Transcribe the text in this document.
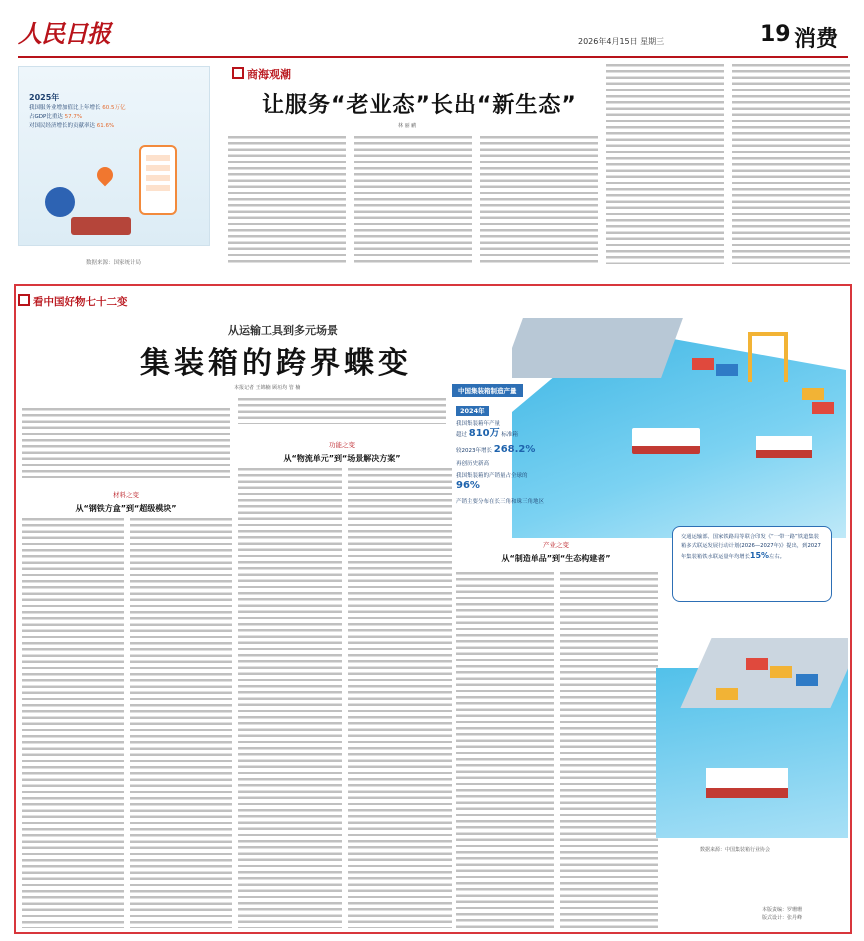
人民日报	2026年4月15日 星期三	19 消费
2025年
我国服务业增加值比上年增长 60.5万亿
占GDP比重达 57.7%
对国民经济增长的贡献率达 61.6%
数据来源：国家统计局
商海观潮
让服务“老业态”长出“新生态”
林 丽 鹂
看中国好物七十二变
从运输工具到多元场景
集装箱的跨界蝶变
本报记者 王锦楠 顾垣均 管 楠
材料之变
从“钢铁方盒”到“超级模块”
功能之变
从“物流单元”到“场景解决方案”
产业之变
从“制造单品”到“生态构建者”
中国集装箱制造产量
2024年
我国集装箱年产量
超过 810万 标准箱
较2023年增长 268.2%
再创历史新高
我国集装箱的产销量占全球的
96%
产销主要分布在长三角和珠三角地区
交通运输部、国家铁路局等联合印发《“一带一路”铁道集装箱多式联运发展行动计划(2026—2027年)》提出，到2027年集装箱铁水联运量年均增长15%左右。
数据来源：中国集装箱行业协会
本版责编：罗珊珊
版式设计：张丹峰
